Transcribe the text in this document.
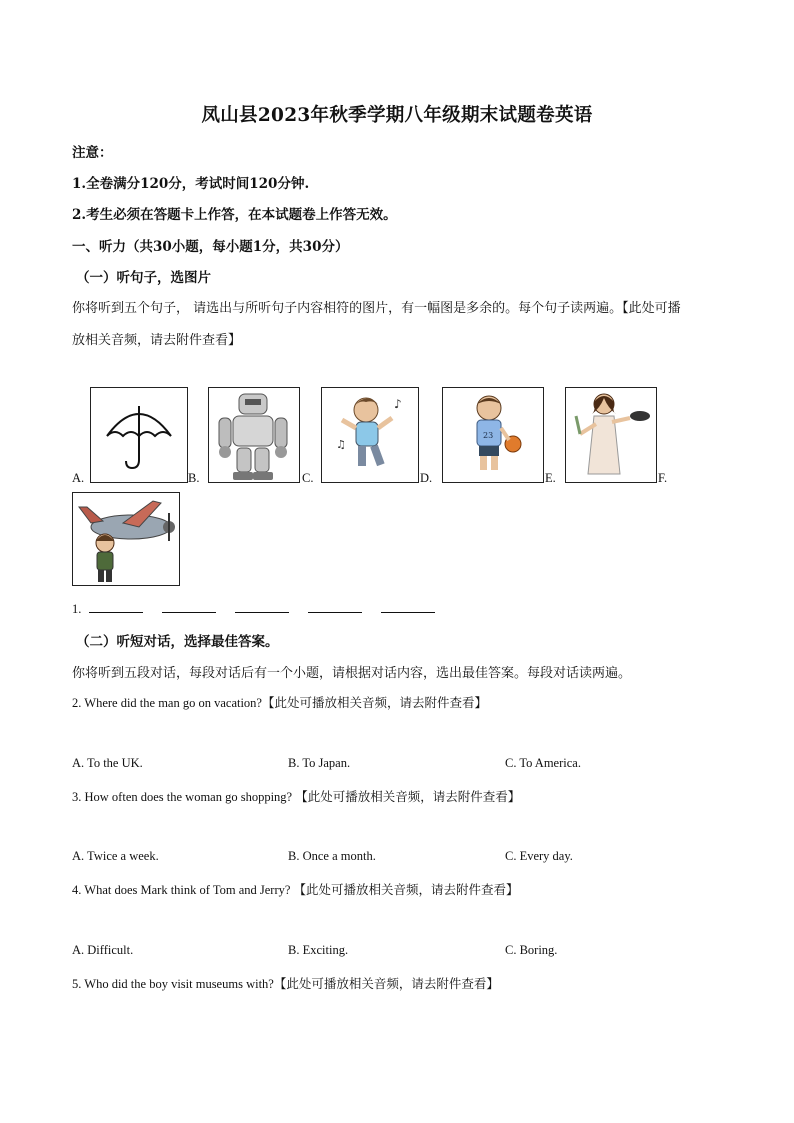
凤山县2023年秋季学期八年级期末试题卷英语
注意：
1.全卷满分120分，考试时间120分钟.
2.考生必须在答题卡上作答，在本试题卷上作答无效。
一、听力（共30小题，每小题1分，共30分）
（一）听句子，选图片
你将听到五个句子， 请选出与所听句子内容相符的图片，有一幅图是多余的。每个句子读两遍。【此处可播
放相关音频，请去附件查看】
A.	B.	C.
♪
♫
D.
23
E.	F.
1.
（二）听短对话，选择最佳答案。
你将听到五段对话，每段对话后有一个小题，请根据对话内容，选出最佳答案。每段对话读两遍。
2. Where did the man go on vacation?【此处可播放相关音频，请去附件查看】
A. To the UK.	B. To Japan.	C. To America.
3. How often does the woman go shopping? 【此处可播放相关音频，请去附件查看】
A. Twice a week.	B. Once a month.	C. Every day.
4. What does Mark think of Tom and Jerry? 【此处可播放相关音频，请去附件查看】
A. Difficult.	B. Exciting.	C. Boring.
5. Who did the boy visit museums with?【此处可播放相关音频，请去附件查看】
